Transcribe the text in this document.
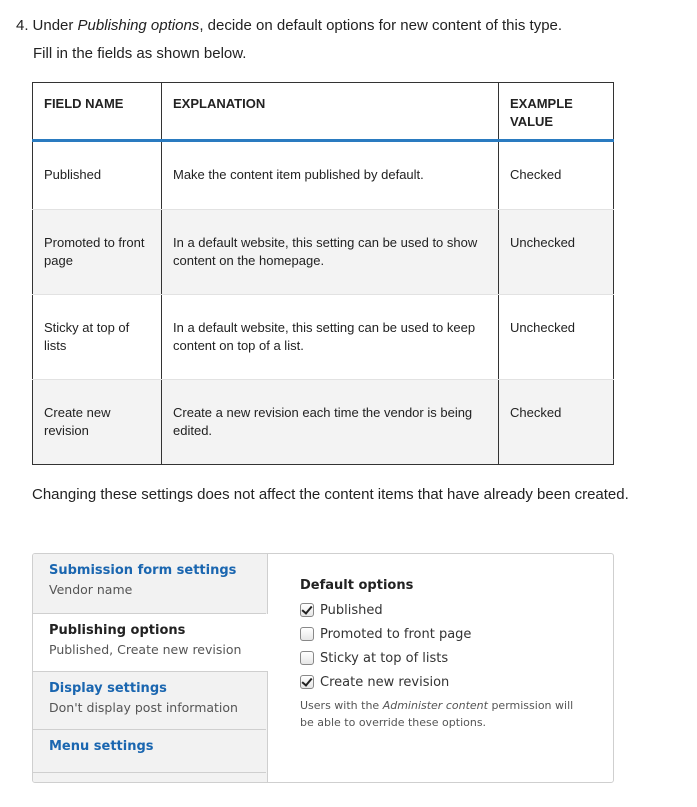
4. Under Publishing options, decide on default options for new content of this type.
Fill in the fields as shown below.
FIELD NAME	EXPLANATION	EXAMPLE VALUE
Published	Make the content item published by default.	Checked
Promoted to front page	In a default website, this setting can be used to show content on the homepage.	Unchecked
Sticky at top of lists	In a default website, this setting can be used to keep content on top of a list.	Unchecked
Create new revision	Create a new revision each time the vendor is being edited.	Checked
Changing these settings does not affect the content items that have already been created.
Submission form settings
Vendor name
Publishing options
Published, Create new revision
Display settings
Don't display post information
Menu settings
Default options
Published
Promoted to front page
Sticky at top of lists
Create new revision
Users with the Administer content permission will be able to override these options.
